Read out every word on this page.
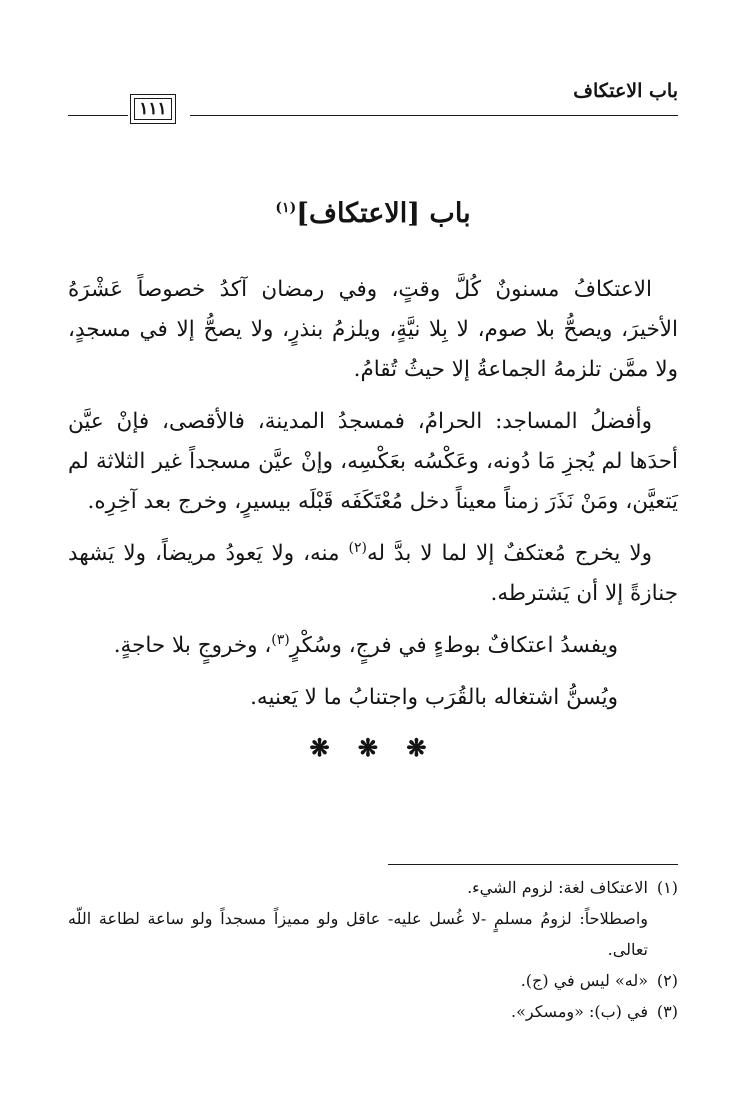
باب الاعتكاف
١١١
باب [الاعتكاف]$^{(١)}$

الاعتكافُ مسنونٌ كُلَّ وقتٍ، وفي رمضان آكدُ خصوصاً عَشْرَهُ الأخيرَ، ويصحُّ بلا صوم، لا بِلا نيَّةٍ، ويلزمُ بنذرٍ، ولا يصحُّ إلا في مسجدٍ، ولا ممَّن تلزمهُ الجماعةُ إلا حيثُ تُقامُ.

وأفضلُ المساجد: الحرامُ، فمسجدُ المدينة، فالأقصى، فإنْ عيَّن أحدَها لم يُجزِ مَا دُونه، وعَكْسُه بعَكْسِه، وإنْ عيَّن مسجداً غير الثلاثة لم يَتعيَّن، ومَنْ نَذَرَ زمناً معيناً دخل مُعْتَكَفَه قَبْلَه بيسيرٍ، وخرج بعد آخِرِه.

ولا يخرج مُعتكفٌ إلا لما لا بدَّ له$^{(٢)}$ منه، ولا يَعودُ مريضاً، ولا يَشهد جنازةً إلا أن يَشترطه.

ويفسدُ اعتكافٌ بوطءٍ في فرجٍ، وسُكْرٍ$^{(٣)}$، وخروجٍ بلا حاجةٍ.

ويُسنُّ اشتغاله بالقُرَب واجتنابُ ما لا يَعنيه.

❋ ❋ ❋

(١)الاعتكاف لغة: لزوم الشيء.

واصطلاحاً: لزومُ مسلمٍ -لا غُسل عليه- عاقل ولو مميزاً مسجداً ولو ساعة لطاعة اللّه تعالى.

(٢)«له» ليس في (ج).

(٣)في (ب): «ومسكر».
